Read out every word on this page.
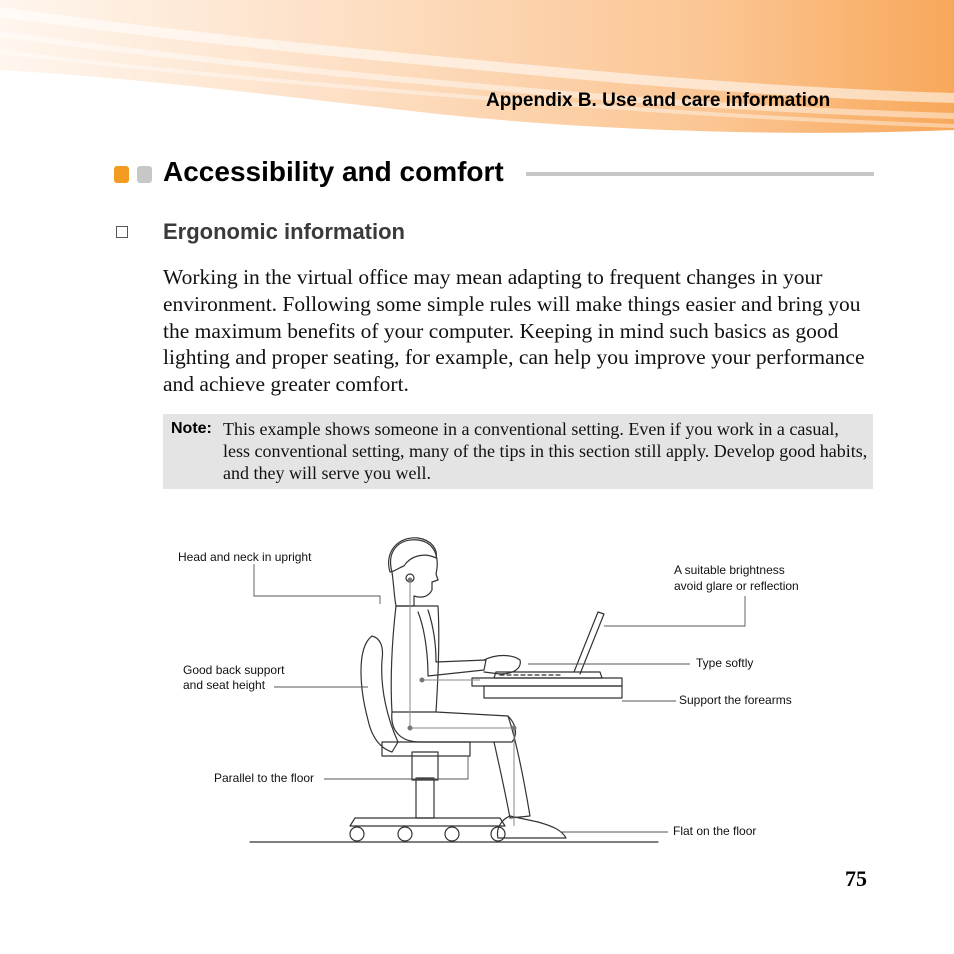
Appendix B. Use and care information
Accessibility and comfort
Ergonomic information

Working in the virtual office may mean adapting to frequent changes in your environment. Following some simple rules will make things easier and bring you the maximum benefits of your computer. Keeping in mind such basics as good lighting and proper seating, for example, can help you improve your performance and achieve greater comfort.

Note: This example shows someone in a conventional setting. Even if you work in a casual, less conventional setting, many of the tips in this section still apply. Develop good habits, and they will serve you well.

Head and neck in upright
A suitable brightness
avoid glare or reflection
Good back support
and seat height
Type softly
Support the forearms
Parallel to the floor
Flat on the floor
75
